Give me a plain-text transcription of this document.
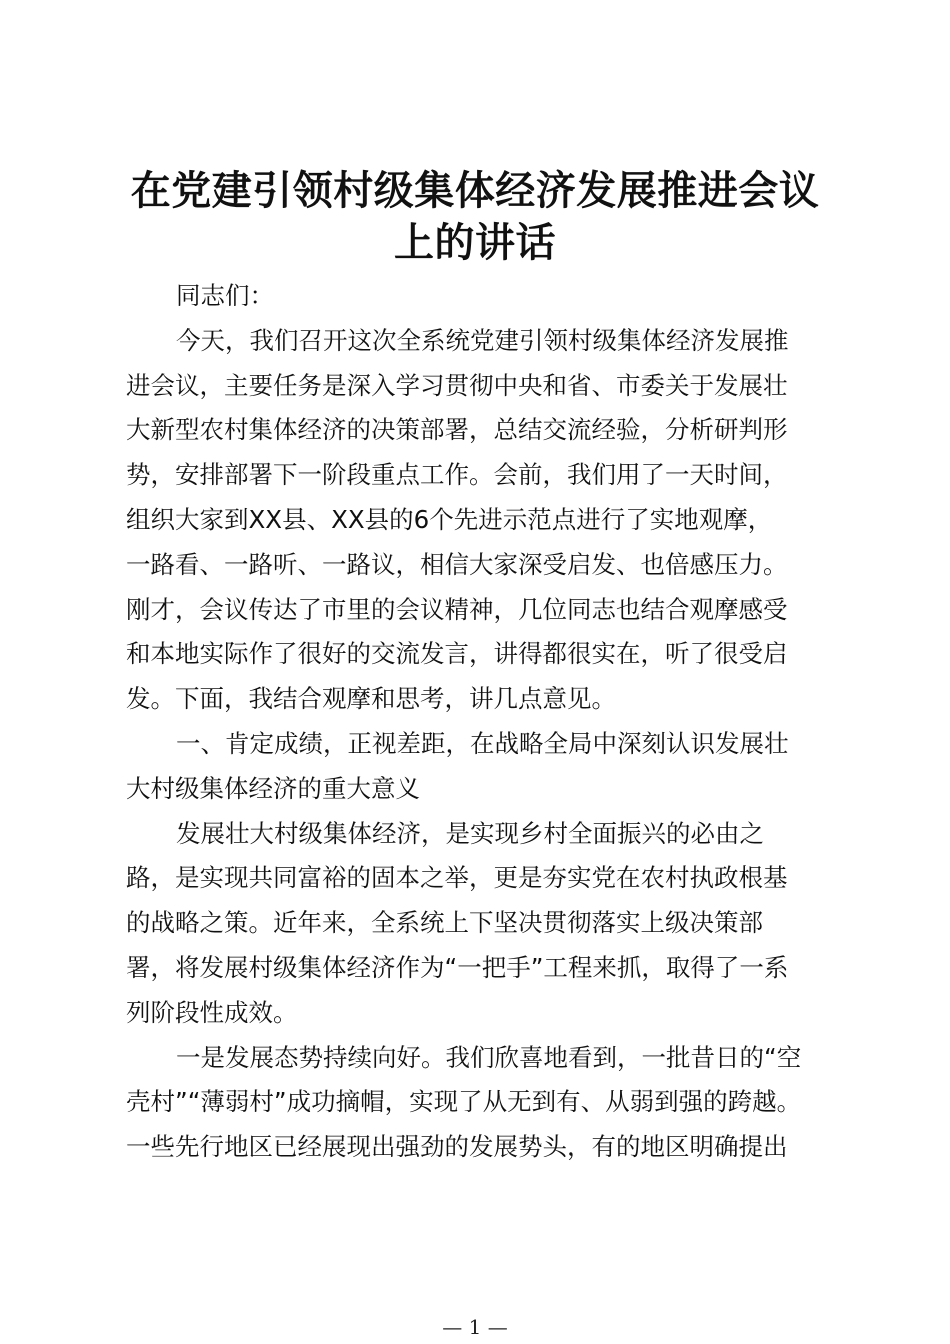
在党建引领村级集体经济发展推进会议
上的讲话
同志们：
今天，我们召开这次全系统党建引领村级集体经济发展推
进会议，主要任务是深入学习贯彻中央和省、市委关于发展壮
大新型农村集体经济的决策部署，总结交流经验，分析研判形
势，安排部署下一阶段重点工作。会前，我们用了一天时间，
组织大家到XX县、XX县的6个先进示范点进行了实地观摩，
一路看、一路听、一路议，相信大家深受启发、也倍感压力。
刚才，会议传达了市里的会议精神，几位同志也结合观摩感受
和本地实际作了很好的交流发言，讲得都很实在，听了很受启
发。下面，我结合观摩和思考，讲几点意见。
一、肯定成绩，正视差距，在战略全局中深刻认识发展壮
大村级集体经济的重大意义
发展壮大村级集体经济，是实现乡村全面振兴的必由之
路，是实现共同富裕的固本之举，更是夯实党在农村执政根基
的战略之策。近年来，全系统上下坚决贯彻落实上级决策部
署，将发展村级集体经济作为“一把手”工程来抓，取得了一系
列阶段性成效。
一是发展态势持续向好。我们欣喜地看到，一批昔日的“空
壳村”“薄弱村”成功摘帽，实现了从无到有、从弱到强的跨越。
一些先行地区已经展现出强劲的发展势头，有的地区明确提出
— 1 —
